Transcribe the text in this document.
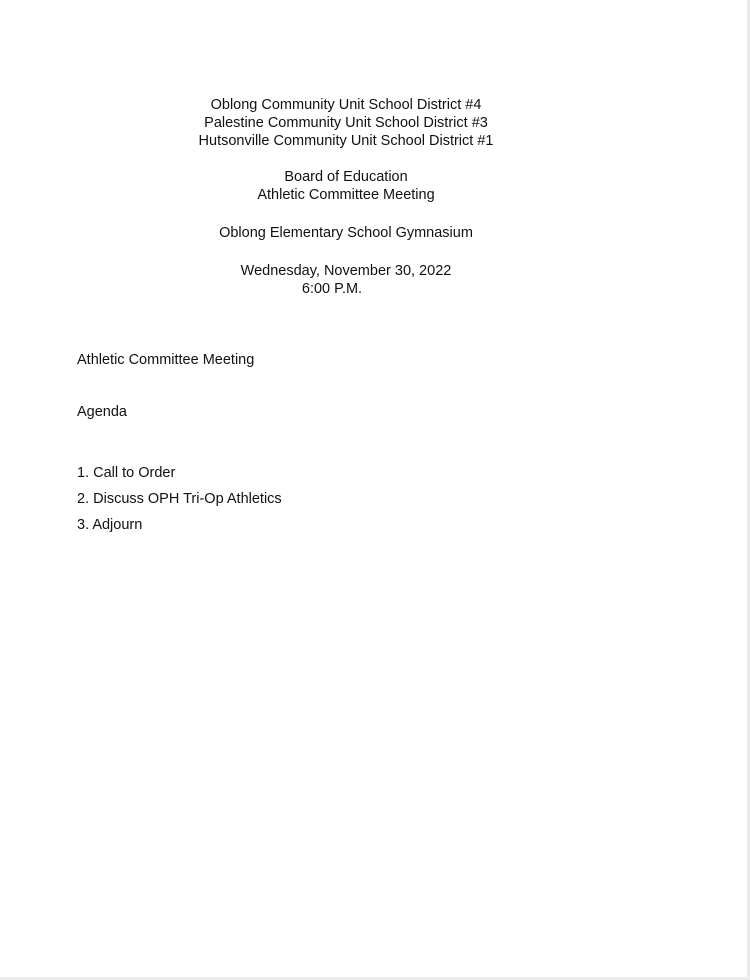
Oblong Community Unit School District #4
Palestine Community Unit School District #3
Hutsonville Community Unit School District #1
Board of Education
Athletic Committee Meeting
Oblong Elementary School Gymnasium
Wednesday, November 30, 2022
6:00 P.M.
Athletic Committee Meeting
Agenda
1. Call to Order
2. Discuss OPH Tri-Op Athletics
3. Adjourn
